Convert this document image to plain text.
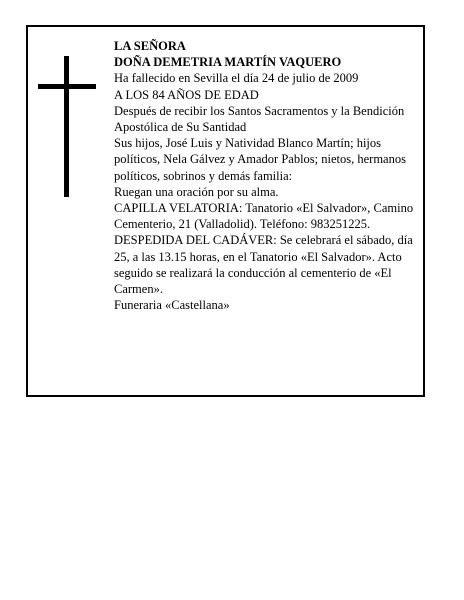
LA SEÑORA

DOÑA DEMETRIA MARTÍN VAQUERO

Ha fallecido en Sevilla el día 24 de julio de 2009

A LOS 84 AÑOS DE EDAD

Después de recibir los Santos Sacramentos y la Bendición Apostólica de Su Santidad

Sus hijos, José Luis y Natividad Blanco Martín; hijos políticos, Nela Gálvez y Amador Pablos; nietos, hermanos políticos, sobrinos y demás familia:

Ruegan una oración por su alma.

CAPILLA VELATORIA: Tanatorio «El Salvador», Camino Cementerio, 21 (Valladolid). Teléfono: 983251225.

DESPEDIDA DEL CADÁVER: Se celebrará el sábado, día 25, a las 13.15 horas, en el Tanatorio «El Salvador». Acto seguido se realizará la conducción al cementerio de «El Carmen».

Funeraria «Castellana»
